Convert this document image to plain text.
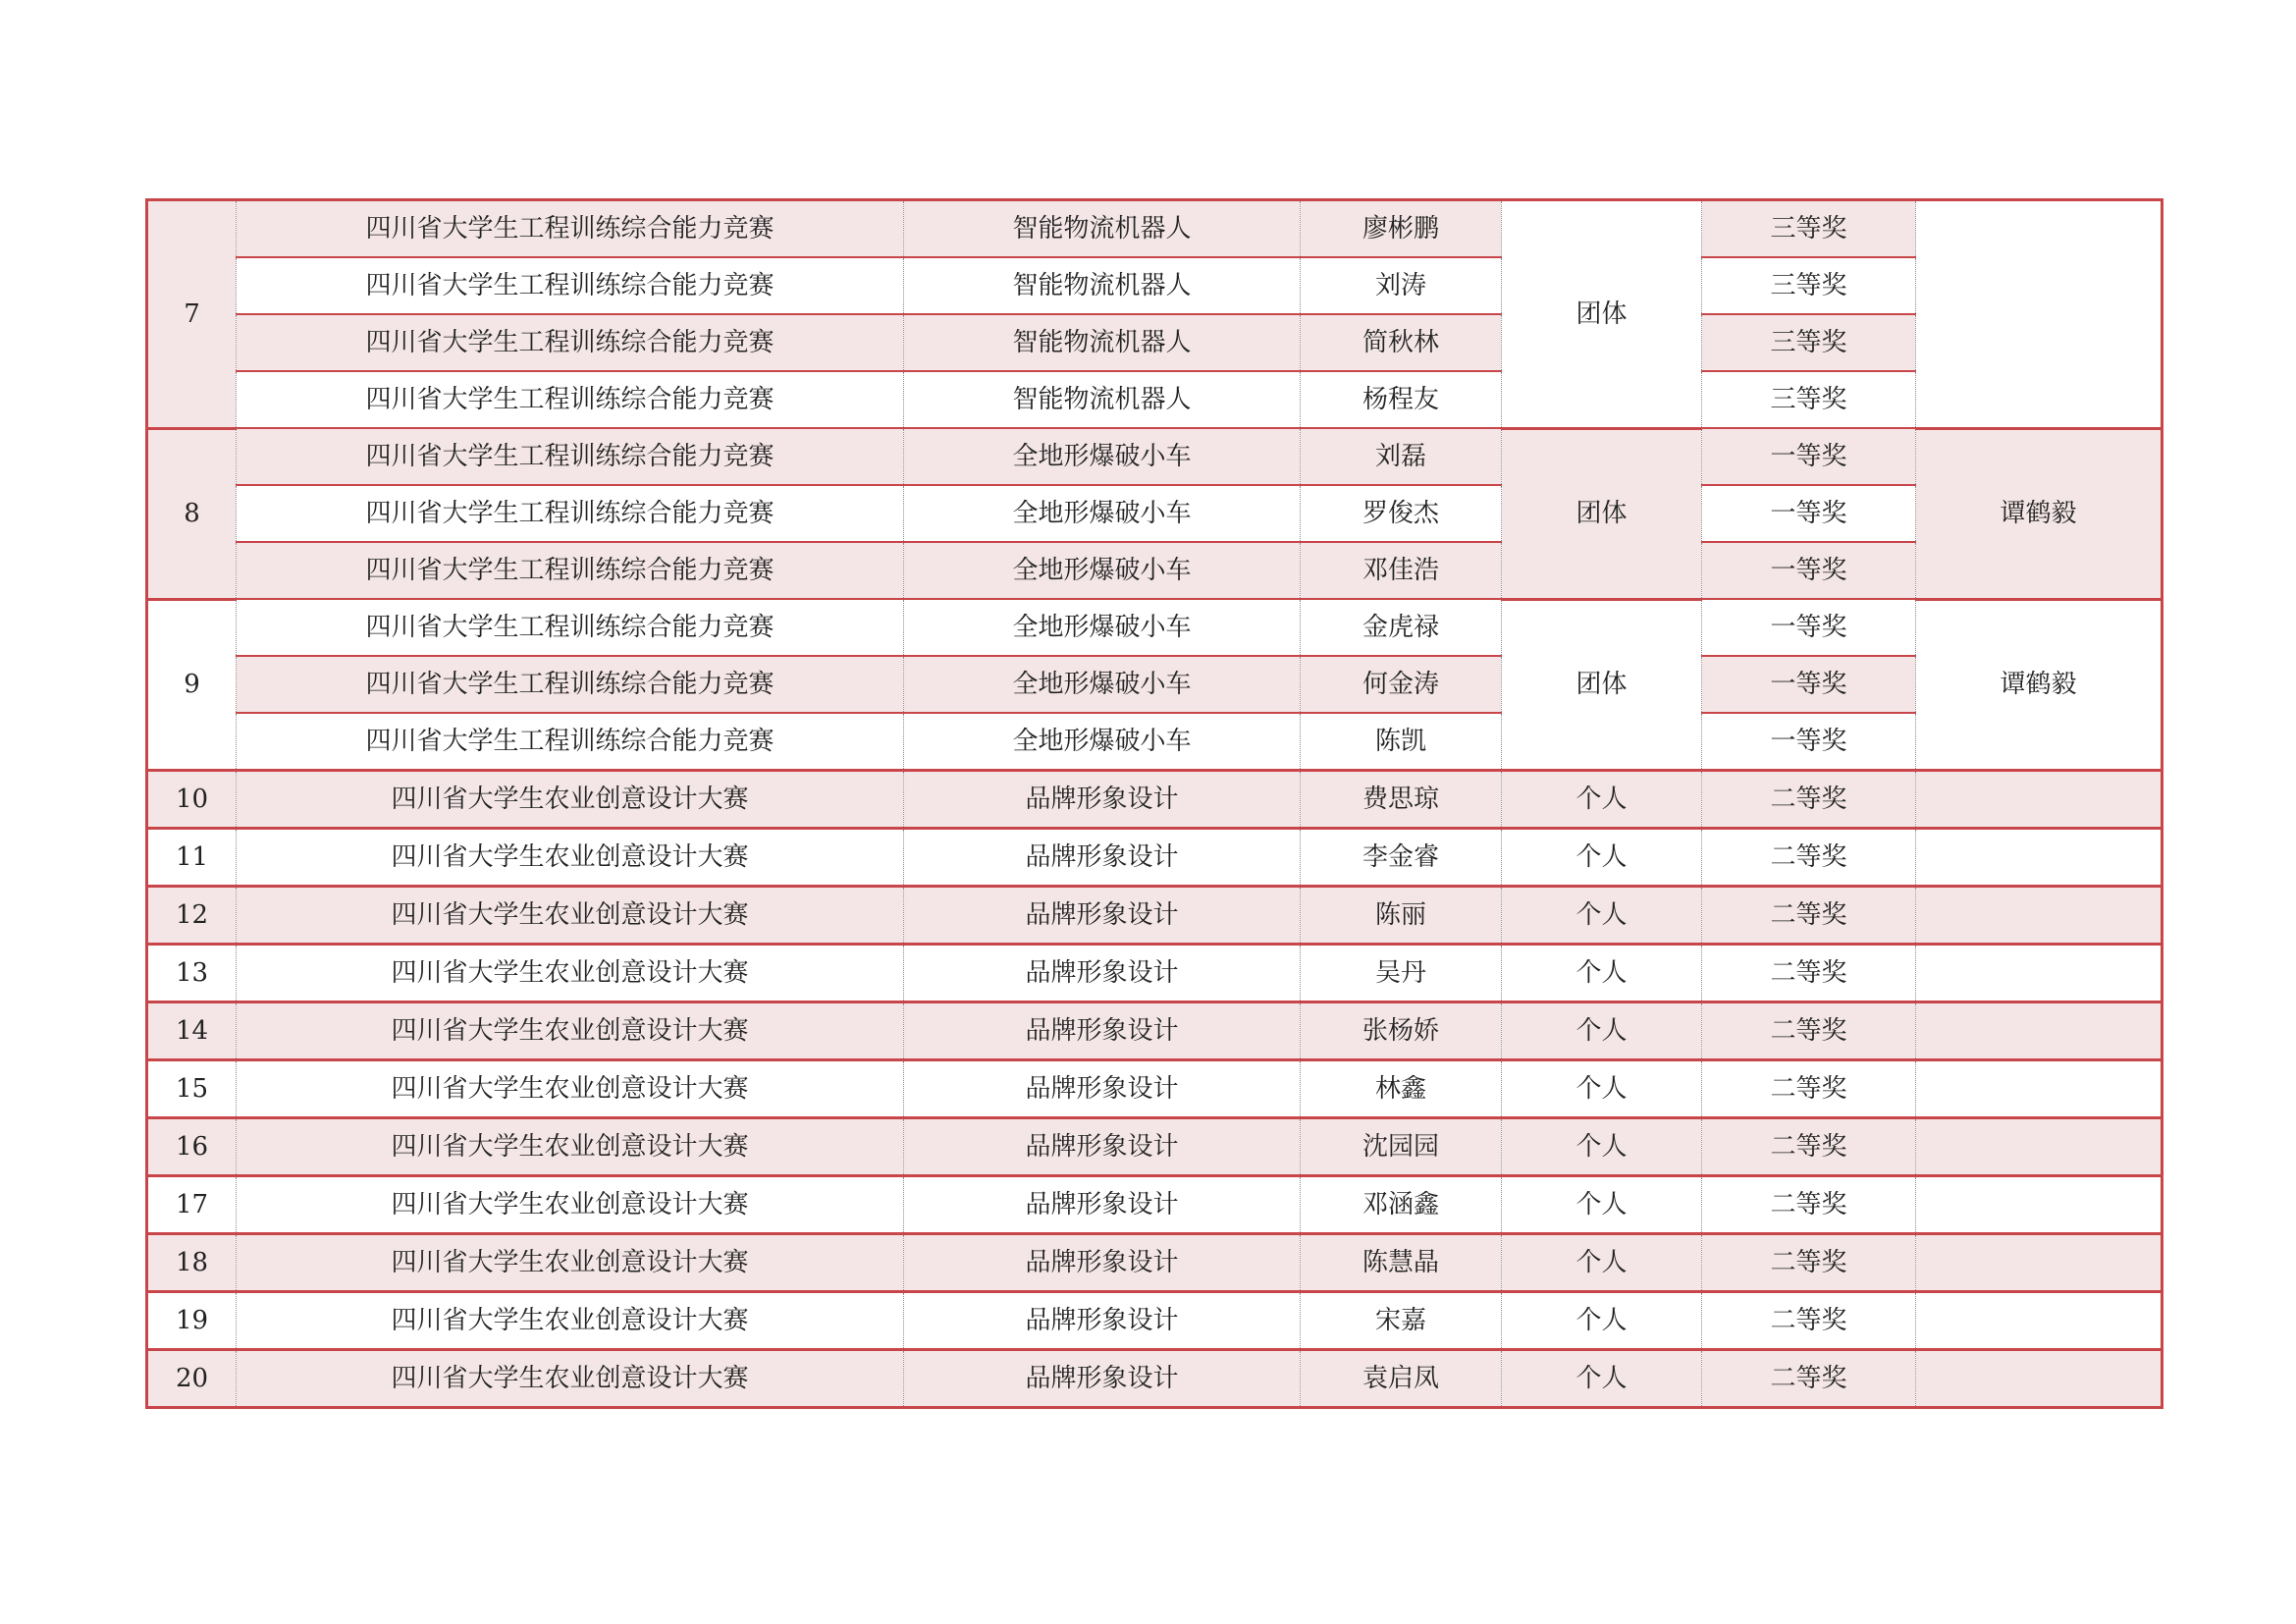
7	四川省大学生工程训练综合能力竞赛	智能物流机器人	廖彬鹏	团体	三等奖	
	四川省大学生工程训练综合能力竞赛	智能物流机器人	刘涛		三等奖	
	四川省大学生工程训练综合能力竞赛	智能物流机器人	简秋林		三等奖	
	四川省大学生工程训练综合能力竞赛	智能物流机器人	杨程友		三等奖	
8	四川省大学生工程训练综合能力竞赛	全地形爆破小车	刘磊	团体	一等奖	谭鹤毅
	四川省大学生工程训练综合能力竞赛	全地形爆破小车	罗俊杰		一等奖	
	四川省大学生工程训练综合能力竞赛	全地形爆破小车	邓佳浩		一等奖	
9	四川省大学生工程训练综合能力竞赛	全地形爆破小车	金虎禄	团体	一等奖	谭鹤毅
	四川省大学生工程训练综合能力竞赛	全地形爆破小车	何金涛		一等奖	
	四川省大学生工程训练综合能力竞赛	全地形爆破小车	陈凯		一等奖	
10	四川省大学生农业创意设计大赛	品牌形象设计	费思琼	个人	二等奖	
11	四川省大学生农业创意设计大赛	品牌形象设计	李金睿	个人	二等奖	
12	四川省大学生农业创意设计大赛	品牌形象设计	陈丽	个人	二等奖	
13	四川省大学生农业创意设计大赛	品牌形象设计	吴丹	个人	二等奖	
14	四川省大学生农业创意设计大赛	品牌形象设计	张杨娇	个人	二等奖	
15	四川省大学生农业创意设计大赛	品牌形象设计	林鑫	个人	二等奖	
16	四川省大学生农业创意设计大赛	品牌形象设计	沈园园	个人	二等奖	
17	四川省大学生农业创意设计大赛	品牌形象设计	邓涵鑫	个人	二等奖	
18	四川省大学生农业创意设计大赛	品牌形象设计	陈慧晶	个人	二等奖	
19	四川省大学生农业创意设计大赛	品牌形象设计	宋嘉	个人	二等奖	
20	四川省大学生农业创意设计大赛	品牌形象设计	袁启凤	个人	二等奖	
